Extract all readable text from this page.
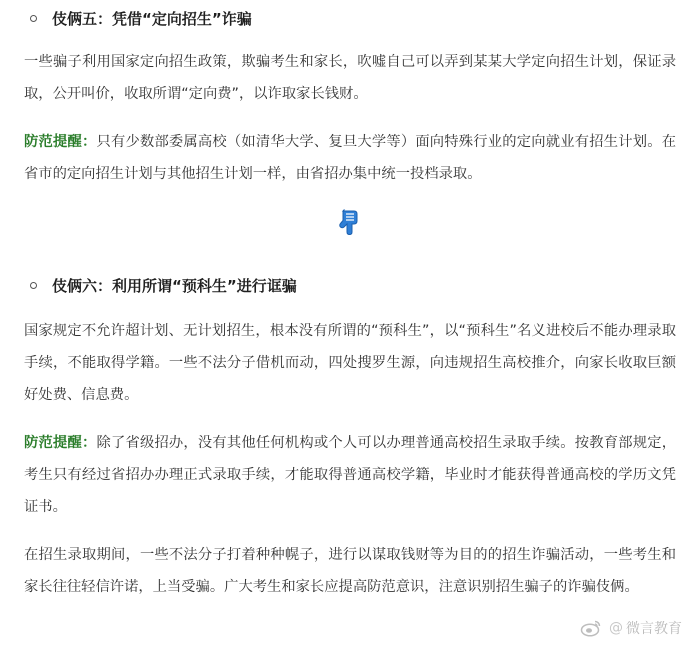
伎俩五：凭借“定向招生”诈骗

一些骗子利用国家定向招生政策，欺骗考生和家长，吹嘘自己可以弄到某某大学定向招生计划，保证录取，公开叫价，收取所谓“定向费”，以诈取家长钱财。

防范提醒：只有少数部委属高校（如清华大学、复旦大学等）面向特殊行业的定向就业有招生计划。在省市的定向招生计划与其他招生计划一样，由省招办集中统一投档录取。

伎俩六：利用所谓“预科生”进行诓骗

国家规定不允许超计划、无计划招生，根本没有所谓的“预科生”，以“预科生”名义进校后不能办理录取手续，不能取得学籍。一些不法分子借机而动，四处搜罗生源，向违规招生高校推介，向家长收取巨额好处费、信息费。

防范提醒：除了省级招办，没有其他任何机构或个人可以办理普通高校招生录取手续。按教育部规定，考生只有经过省招办办理正式录取手续，才能取得普通高校学籍，毕业时才能获得普通高校的学历文凭证书。

在招生录取期间，一些不法分子打着种种幌子，进行以谋取钱财等为目的的招生诈骗活动，一些考生和家长往往轻信许诺，上当受骗。广大考生和家长应提高防范意识，注意识别招生骗子的诈骗伎俩。

@ 微言教育
